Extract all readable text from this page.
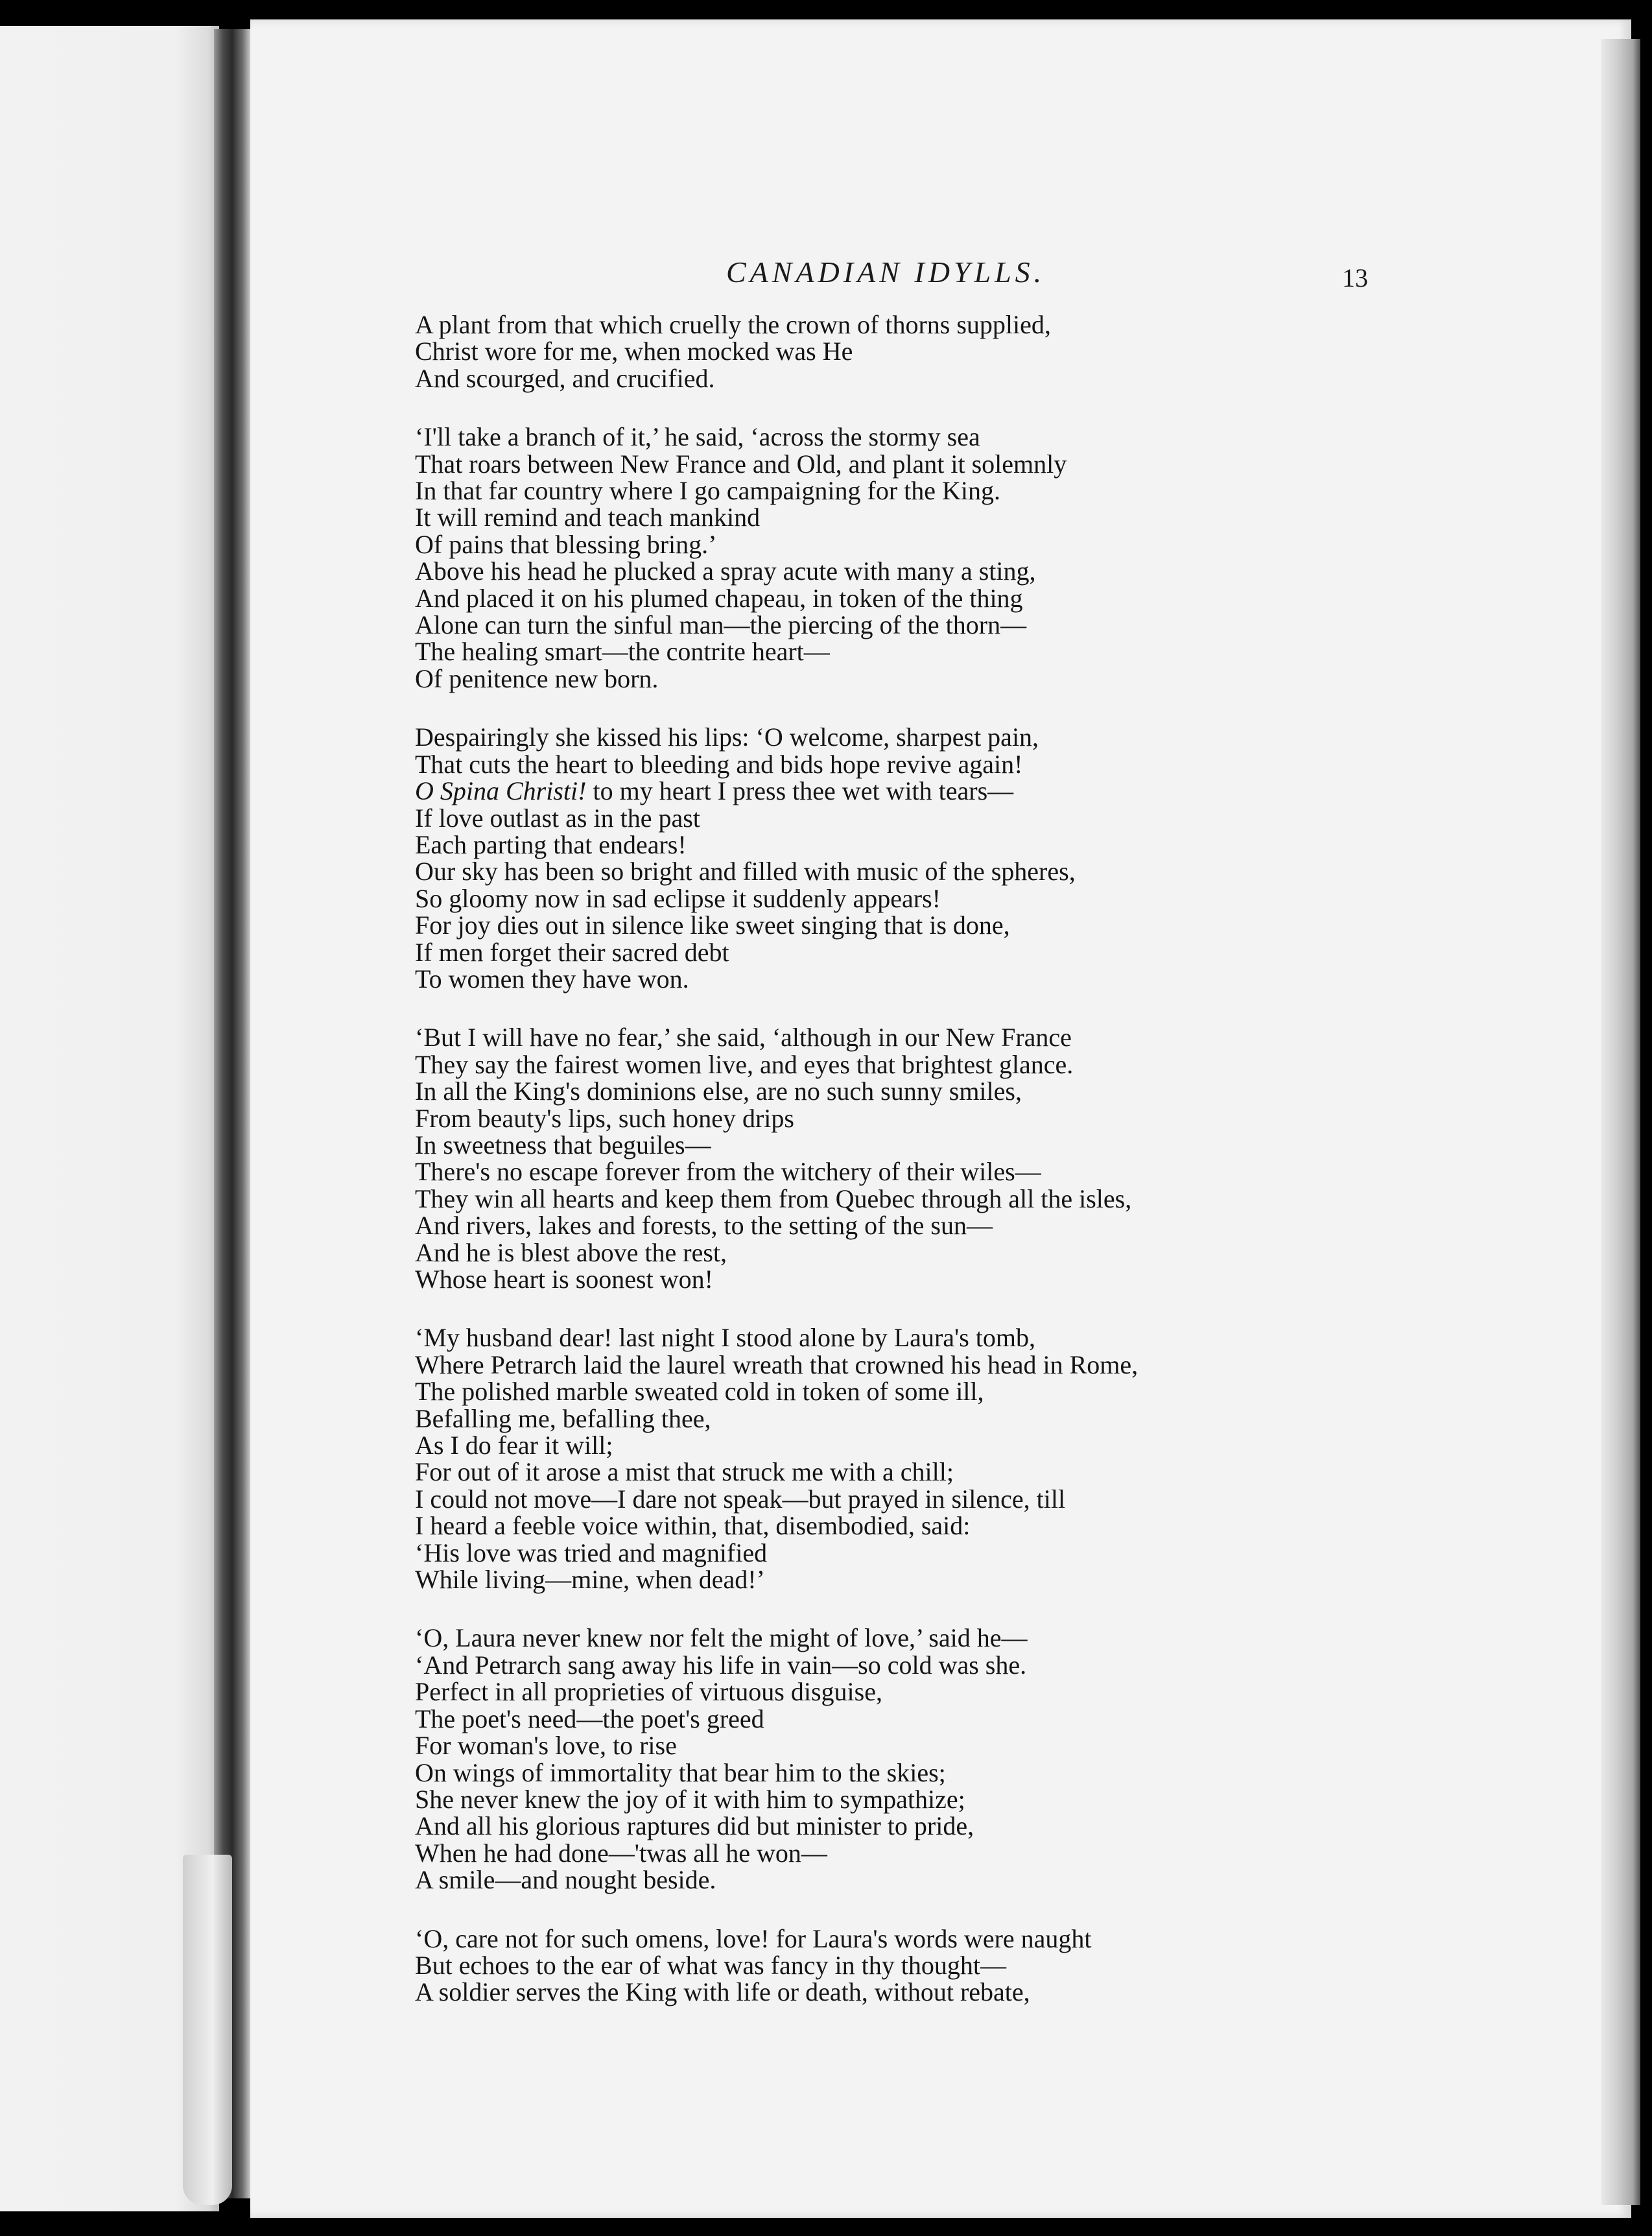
CANADIAN IDYLLS.	13

A plant from that which cruelly the crown of thorns supplied,
Christ wore for me, when mocked was He
And scourged, and crucified.

‘I'll take a branch of it,’ he said, ‘across the stormy sea
That roars between New France and Old, and plant it solemnly
In that far country where I go campaigning for the King.
It will remind and teach mankind
Of pains that blessing bring.’
Above his head he plucked a spray acute with many a sting,
And placed it on his plumed chapeau, in token of the thing
Alone can turn the sinful man—the piercing of the thorn—
The healing smart—the contrite heart—
Of penitence new born.

Despairingly she kissed his lips: ‘O welcome, sharpest pain,
That cuts the heart to bleeding and bids hope revive again!
O Spina Christi! to my heart I press thee wet with tears—
If love outlast as in the past
Each parting that endears!
Our sky has been so bright and filled with music of the spheres,
So gloomy now in sad eclipse it suddenly appears!
For joy dies out in silence like sweet singing that is done,
If men forget their sacred debt
To women they have won.

‘But I will have no fear,’ she said, ‘although in our New France
They say the fairest women live, and eyes that brightest glance.
In all the King's dominions else, are no such sunny smiles,
From beauty's lips, such honey drips
In sweetness that beguiles—
There's no escape forever from the witchery of their wiles—
They win all hearts and keep them from Quebec through all the isles,
And rivers, lakes and forests, to the setting of the sun—
And he is blest above the rest,
Whose heart is soonest won!

‘My husband dear! last night I stood alone by Laura's tomb,
Where Petrarch laid the laurel wreath that crowned his head in Rome,
The polished marble sweated cold in token of some ill,
Befalling me, befalling thee,
As I do fear it will;
For out of it arose a mist that struck me with a chill;
I could not move—I dare not speak—but prayed in silence, till
I heard a feeble voice within, that, disembodied, said:
‘His love was tried and magnified
While living—mine, when dead!’

‘O, Laura never knew nor felt the might of love,’ said he—
‘And Petrarch sang away his life in vain—so cold was she.
Perfect in all proprieties of virtuous disguise,
The poet's need—the poet's greed
For woman's love, to rise
On wings of immortality that bear him to the skies;
She never knew the joy of it with him to sympathize;
And all his glorious raptures did but minister to pride,
When he had done—'twas all he won—
A smile—and nought beside.

‘O, care not for such omens, love! for Laura's words were naught
But echoes to the ear of what was fancy in thy thought—
A soldier serves the King with life or death, without rebate,
